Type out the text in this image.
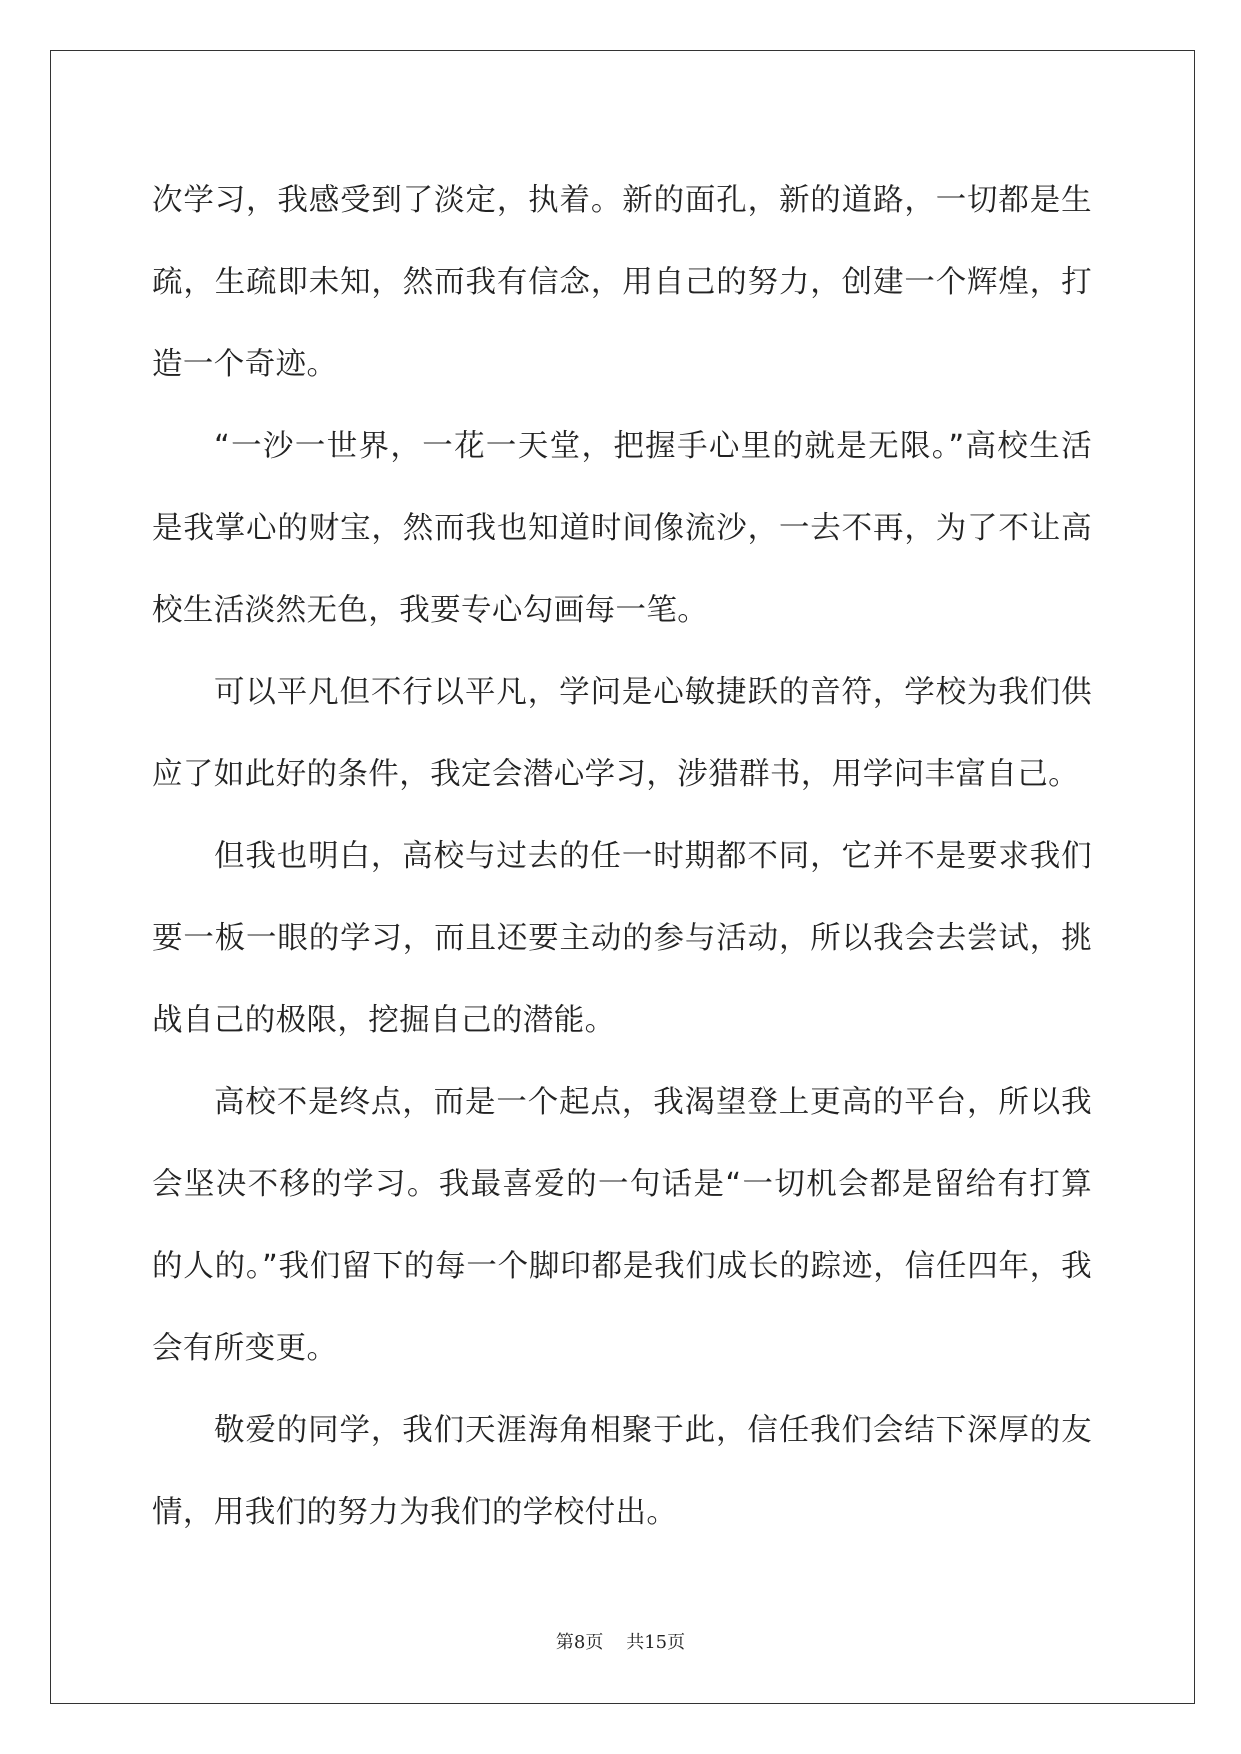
次学习，我感受到了淡定，执着。新的面孔，新的道路，一切都是生疏，生疏即未知，然而我有信念，用自己的努力，创建一个辉煌，打造一个奇迹。

“一沙一世界，一花一天堂，把握手心里的就是无限。”高校生活是我掌心的财宝，然而我也知道时间像流沙，一去不再，为了不让高校生活淡然无色，我要专心勾画每一笔。

可以平凡但不行以平凡，学问是心敏捷跃的音符，学校为我们供应了如此好的条件，我定会潜心学习，涉猎群书，用学问丰富自己。

但我也明白，高校与过去的任一时期都不同，它并不是要求我们要一板一眼的学习，而且还要主动的参与活动，所以我会去尝试，挑战自己的极限，挖掘自己的潜能。

高校不是终点，而是一个起点，我渴望登上更高的平台，所以我会坚决不移的学习。我最喜爱的一句话是“一切机会都是留给有打算的人的。”我们留下的每一个脚印都是我们成长的踪迹，信任四年，我会有所变更。

敬爱的同学，我们天涯海角相聚于此，信任我们会结下深厚的友情，用我们的努力为我们的学校付出。

第8页    共15页
